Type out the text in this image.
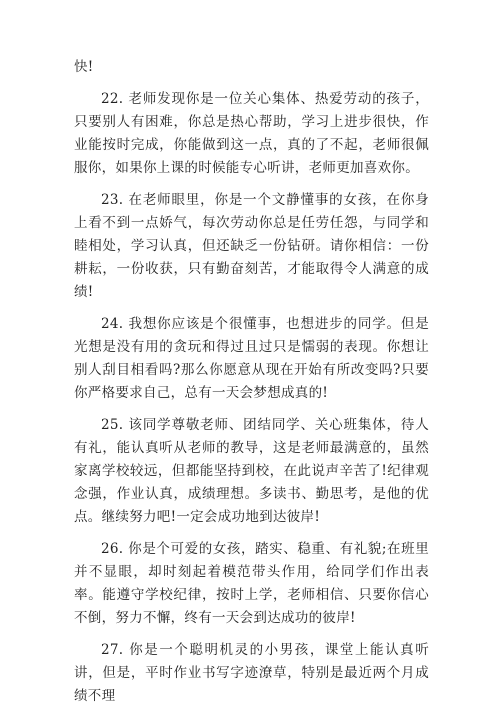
快!

22. 老师发现你是一位关心集体、热爱劳动的孩子，只要别人有困难，你总是热心帮助，学习上进步很快，作业能按时完成，你能做到这一点，真的了不起，老师很佩服你，如果你上课的时候能专心听讲，老师更加喜欢你。

23. 在老师眼里，你是一个文静懂事的女孩，在你身上看不到一点娇气，每次劳动你总是任劳任怨，与同学和睦相处，学习认真，但还缺乏一份钻研。请你相信：一份耕耘，一份收获，只有勤奋刻苦，才能取得令人满意的成绩!

24. 我想你应该是个很懂事，也想进步的同学。但是光想是没有用的贪玩和得过且过只是懦弱的表现。你想让别人刮目相看吗?那么你愿意从现在开始有所改变吗?只要你严格要求自己，总有一天会梦想成真的!

25. 该同学尊敬老师、团结同学、关心班集体，待人有礼，能认真听从老师的教导，这是老师最满意的，虽然家离学校较远，但都能坚持到校，在此说声辛苦了!纪律观念强，作业认真，成绩理想。多读书、勤思考，是他的优点。继续努力吧!一定会成功地到达彼岸!

26. 你是个可爱的女孩，踏实、稳重、有礼貌;在班里并不显眼，却时刻起着模范带头作用，给同学们作出表率。能遵守学校纪律，按时上学，老师相信、只要你信心不倒，努力不懈，终有一天会到达成功的彼岸!

27. 你是一个聪明机灵的小男孩，课堂上能认真听讲，但是，平时作业书写字迹潦草，特别是最近两个月成绩不理
